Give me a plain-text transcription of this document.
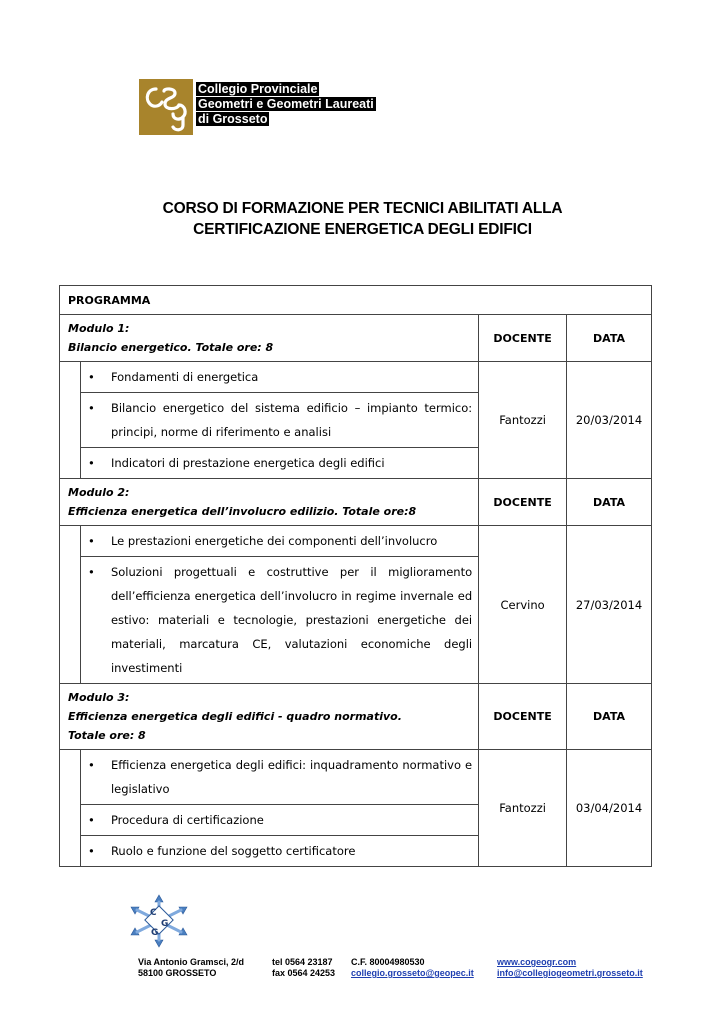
Collegio Provinciale
Geometri e Geometri Laureati
di Grosseto
CORSO DI FORMAZIONE PER TECNICI ABILITATI ALLA
CERTIFICAZIONE ENERGETICA DEGLI EDIFICI
PROGRAMMA			

Modulo 1:
Bilancio energetico. Totale ore: 8		DOCENTE	DATA

	• Fondamenti di energetica
• Bilancio energetico del sistema edificio – impianto termico: principi, norme di riferimento e analisi
• Indicatori di prestazione energetica degli edifici	Fantozzi	20/03/2014

Modulo 2:
Efficienza energetica dell’involucro edilizio. Totale ore:8		DOCENTE	DATA

	• Le prestazioni energetiche dei componenti dell’involucro
• Soluzioni progettuali e costruttive per il miglioramento dell’efficienza energetica dell’involucro in regime invernale ed estivo: materiali e tecnologie, prestazioni energetiche dei materiali, marcatura CE, valutazioni economiche degli investimenti	Cervino	27/03/2014

Modulo 3:
Efficienza energetica degli edifici - quadro normativo.
Totale ore: 8		DOCENTE	DATA

	• Efficienza energetica degli edifici: inquadramento normativo e legislativo
• Procedura di certificazione
• Ruolo e funzione del soggetto certificatore	Fantozzi	03/04/2014
C
G
G
Via Antonio Gramsci, 2/d
58100 GROSSETO
tel 0564 23187
fax 0564 24253
C.F. 80004980530
collegio.grosseto@geopec.it
www.cogeogr.com
info@collegiogeometri.grosseto.it
